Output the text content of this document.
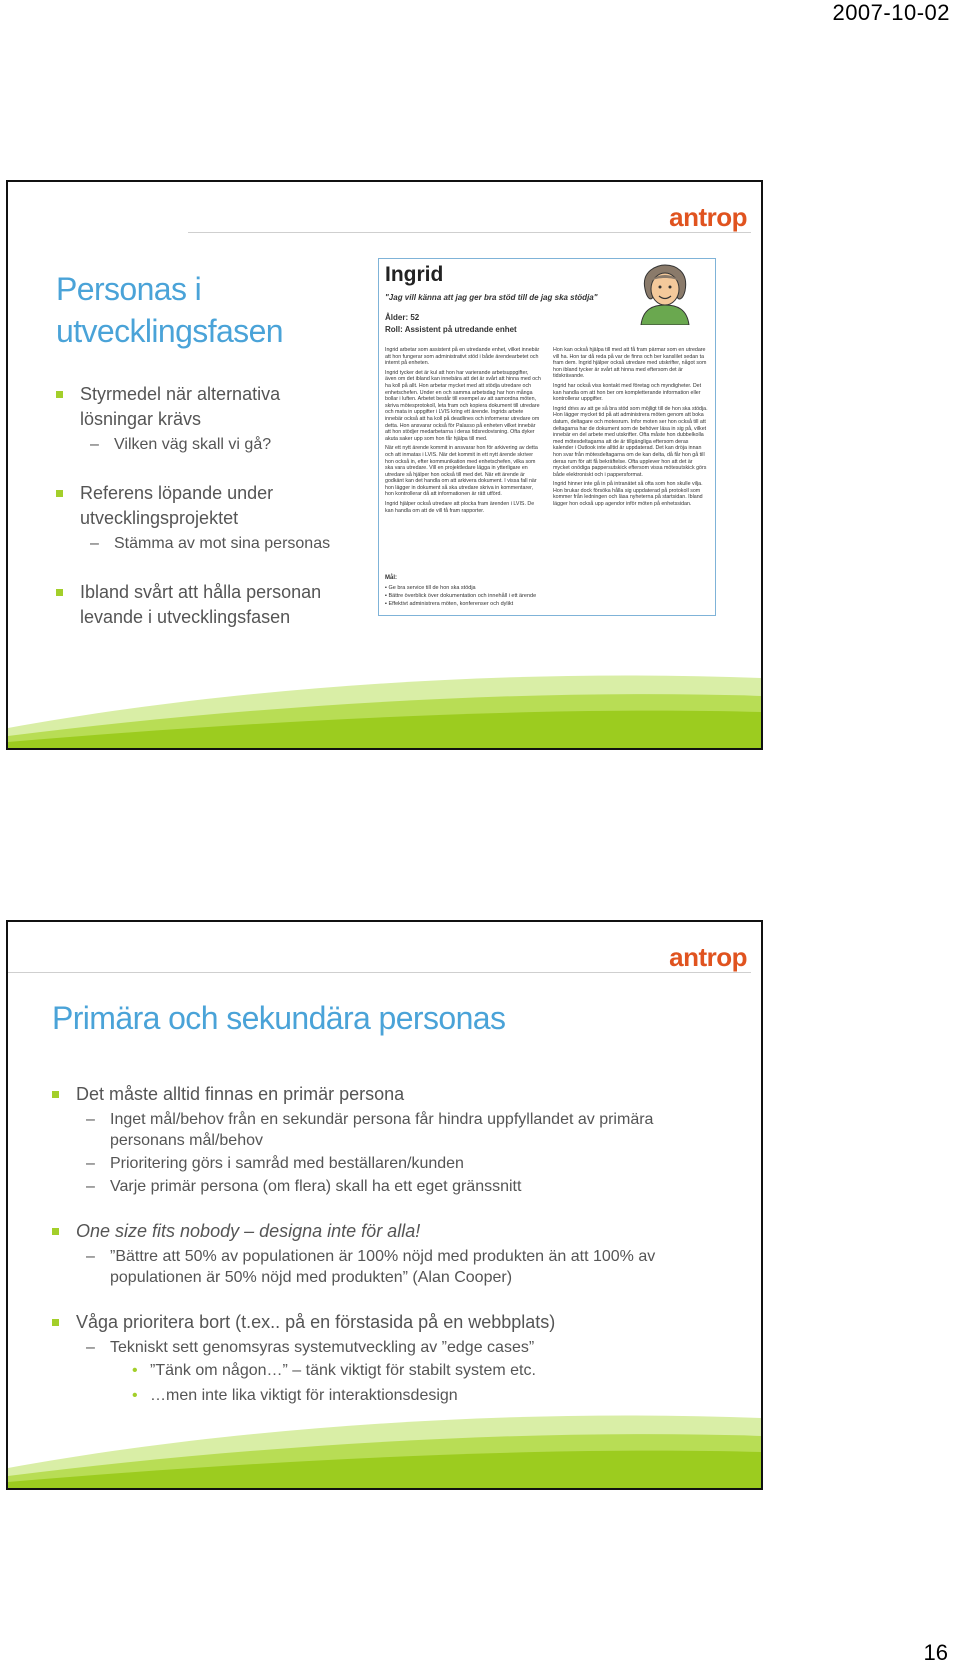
2007-10-02
antrop
Personas i utvecklingsfasen
Styrmedel när alternativa lösningar krävs
– Vilken väg skall vi gå?
Referens löpande under utvecklingsprojektet
– Stämma av mot sina personas
Ibland svårt att hålla personan levande i utvecklingsfasen
Ingrid
"Jag vill känna att jag ger bra stöd till de jag ska stödja"
Ålder: 52
Roll: Assistent på utredande enhet

Ingrid arbetar som assistent på en utredande enhet, vilket innebär att hon fungerar som administrativt stöd i både ärendearbetet och internt på enheten.

Ingrid tycker det är kul att hon har varierande arbetsuppgifter, även om det ibland kan innebära att det är svårt att hinna med och ha koll på allt. Hon arbetar mycket med att stödja utredare och enhetschefen. Under en och samma arbetsdag har hon många bollar i luften. Arbetet består till exempel av att samordna möten, skriva mötesprotokoll, leta fram och kopiera dokument till utredare och mata in uppgifter i LVIS kring ett ärende. Ingrids arbete innebär också att ha koll på deadlines och informerar utredare om detta. Hon ansvarar också för Palasso på enheten vilket innebär att hon stödjer medarbetarna i deras tidsredovisning. Ofta dyker akuta saker upp som hon får hjälpa till med.

När ett nytt ärende kommit in ansvarar hon för arkivering av detta och att inmatas i LVIS. När det kommit in ett nytt ärende skriver hon också in, efter kommunikation med enhetschefen, vilka som ska vara utredare. Vill en projektledare lägga in ytterligare en utredare så hjälper hon också till med det. När ett ärende är godkänt kan det handla om att arkivera dokument. I vissa fall när hon lägger in dokument så ska utredare skriva in kommentarer, hon kontrollerar då att informationen är rätt utförd.

Ingrid hjälper också utredare att plocka fram ärenden i LVIS. De kan handla om att de vill få fram rapporter.

Hon kan också hjälpa till med att få fram pärmar som en utredare vill ha. Hon tar då reda på var de finns och ber kanslilet sedan ta fram dem. Ingrid hjälper också utredare med utskrifter, något som hon ibland tycker är svårt att hinna med eftersom det är tidskrävande.

Ingrid har också viss kontakt med företag och myndigheter. Det kan handla om att hon ber om kompletterande information eller kontrollerar uppgifter.

Ingrid drivs av att ge så bra stöd som möjligt till de hon ska stödja. Hon lägger mycket tid på att administrera möten genom att boka datum, deltagare och motesrum. Infor moten ser hon också till att deltagarna har de dokument som de behöver läsa in sig på, vilket innebär en del arbete med utskrifter. Ofta måste hon dubbelkolla med mötesdeltagarna att de är tillgängliga eftersom deras kalender i Outlook inte alltid är uppdaterad. Det kan dröja innan hon svar från mötesdeltagarna om de kan delta, då får hon gå till deras rum för att få bekräftelse. Ofta upplever hon att det är mycket onödiga pappersutskick eftersom vissa mötesutskick görs både elektroniskt och i pappersformat.

Ingrid hinner inte gå in på intranätet så ofta som hon skulle vilja. Hon brukar dock försöka hålla sig uppdaterad på protokoll som kommer från ledningen och läsa nyheterna på startsidan. Ibland lägger hon också upp agendor inför möten på enhetssidan.

Mål:
▪ Ge bra service till de hon ska stödja
▪ Bättre överblick över dokumentation och innehåll i ett ärende
▪ Effektivt administrera möten, konferenser och dylikt
antrop
Primära och sekundära personas
Det måste alltid finnas en primär persona
– Inget mål/behov från en sekundär persona får hindra uppfyllandet av primära personans mål/behov
– Prioritering görs i samråd med beställaren/kunden
– Varje primär persona (om flera) skall ha ett eget gränssnitt
One size fits nobody – designa inte för alla!
– ”Bättre att 50% av populationen är 100% nöjd med produkten än att 100% av populationen är 50% nöjd med produkten” (Alan Cooper)
Våga prioritera bort (t.ex.. på en förstasida på en webbplats)
– Tekniskt sett genomsyras systemutveckling av ”edge cases”
• ”Tänk om någon…” – tänk viktigt för stabilt system etc.
• …men inte lika viktigt för interaktionsdesign
16
